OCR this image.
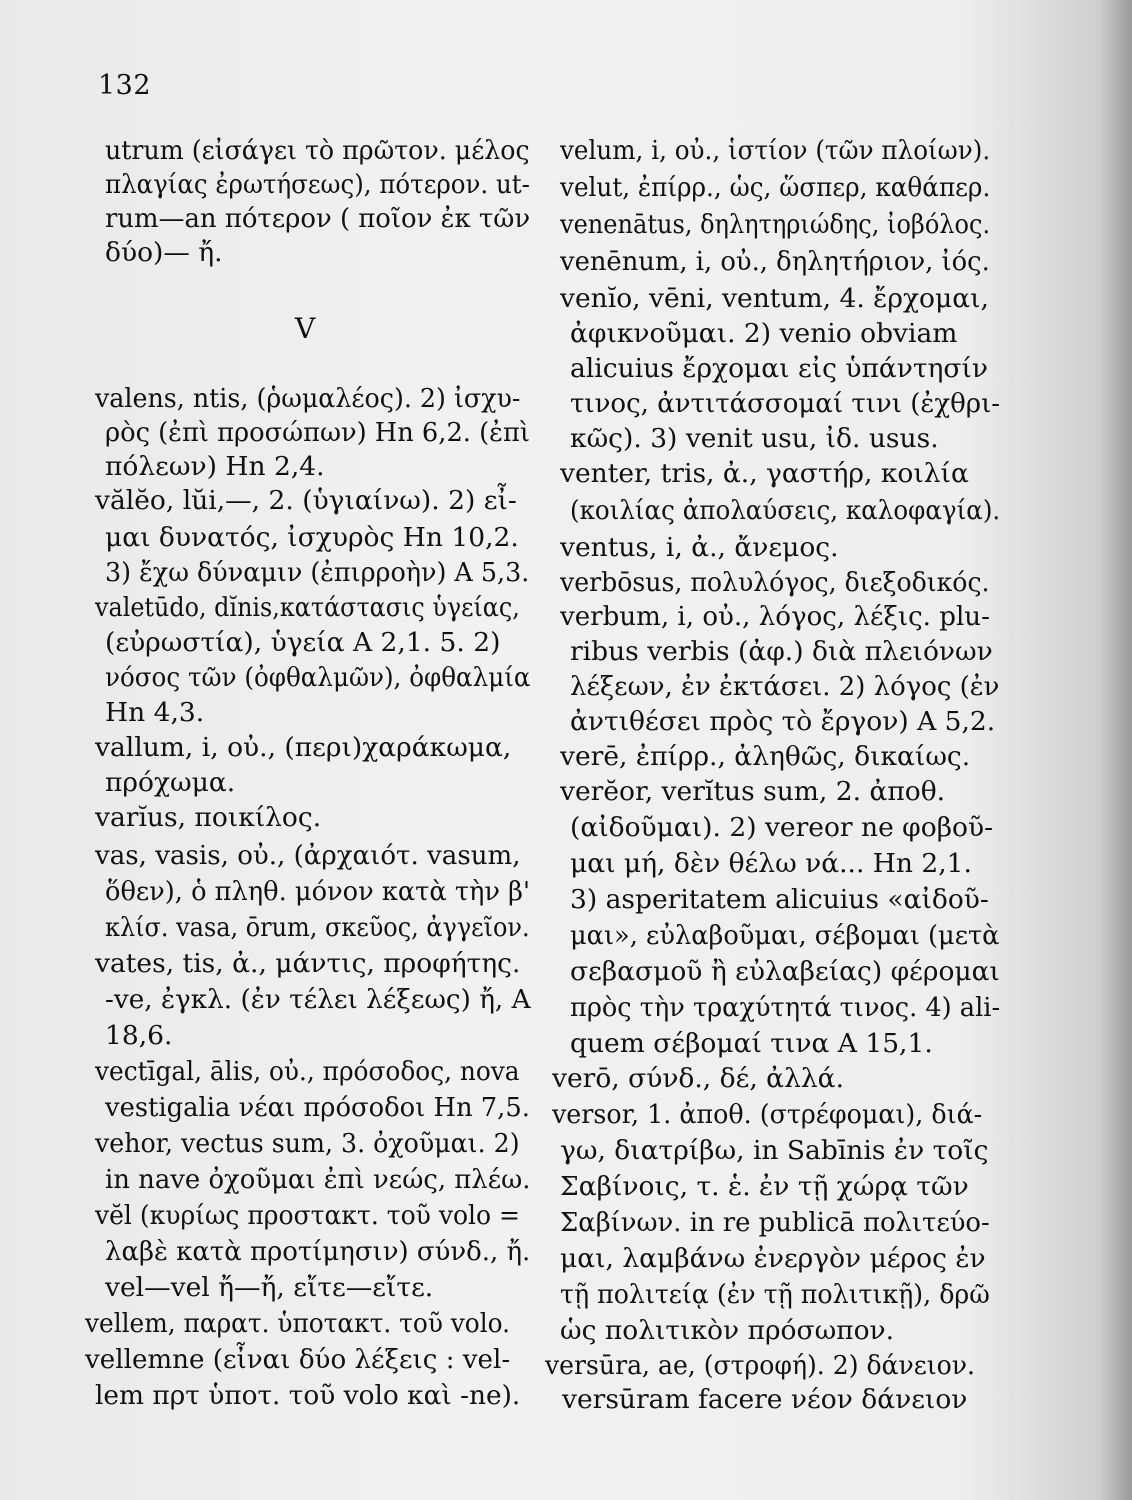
132
V
utrum (εἰσάγει τὸ πρῶτον. μέλος
πλαγίας ἐρωτήσεως), πότερον. ut-
rum—an πότερον ( ποῖον ἐκ τῶν
δύο)— ἤ.
valens, ntis, (ῥωμαλέος). 2) ἰσχυ-
ρὸς (ἐπὶ προσώπων) Hn 6,2. (ἐπὶ
πόλεων) Hn 2,4.
vălĕo, lŭi,—, 2. (ὑγιαίνω). 2) εἶ-
μαι δυνατός, ἰσχυρὸς Hn 10,2.
3) ἔχω δύναμιν (ἐπιρροὴν) A 5,3.
valetūdo, dĭnis,κατάστασις ὑγείας,
(εὐρωστία), ὑγεία A 2,1. 5. 2)
νόσος τῶν (ὀφθαλμῶν), ὀφθαλμία
Hn 4,3.
vallum, i, οὐ., (περι)χαράκωμα,
πρόχωμα.
varĭus, ποικίλος.
vas, vasis, οὐ., (ἀρχαιότ. vasum,
ὅθεν), ὁ πληθ. μόνον κατὰ τὴν β'
κλίσ. vasa, ōrum, σκεῦος, ἀγγεῖον.
vates, tis, ἀ., μάντις, προφήτης.
-ve, ἐγκλ. (ἐν τέλει λέξεως) ἤ, A
18,6.
vectīgal, ālis, οὐ., πρόσοδος, nova
vestigalia νέαι πρόσοδοι Hn 7,5.
vehor, vectus sum, 3. ὀχοῦμαι. 2)
in nave ὀχοῦμαι ἐπὶ νεώς, πλέω.
vĕl (κυρίως προστακτ. τοῦ volo =
λαβὲ κατὰ προτίμησιν) σύνδ., ἤ.
vel—vel ἤ—ἤ, εἴτε—εἴτε.
vellem, παρατ. ὑποτακτ. τοῦ volo.
vellemne (εἶναι δύο λέξεις : vel-
lem πρτ ὑποτ. τοῦ volo καὶ -ne).
velum, i, οὐ., ἱστίον (τῶν πλοίων).
velut, ἐπίρρ., ὡς, ὥσπερ, καθάπερ.
venenātus, δηλητηριώδης, ἰοβόλος.
venēnum, i, οὐ., δηλητήριον, ἰός.
venĭo, vēni, ventum, 4. ἔρχομαι,
ἀφικνοῦμαι. 2) venio obviam
alicuius ἔρχομαι εἰς ὑπάντησίν
τινος, ἀντιτάσσομαί τινι (ἐχθρι-
κῶς). 3) venit usu, ἰδ. usus.
venter, tris, ἀ., γαστήρ, κοιλία
(κοιλίας ἀπολαύσεις, καλοφαγία).
ventus, i, ἀ., ἄνεμος.
verbōsus, πολυλόγος, διεξοδικός.
verbum, i, οὐ., λόγος, λέξις. plu-
ribus verbis (ἀφ.) διὰ πλειόνων
λέξεων, ἐν ἐκτάσει. 2) λόγος (ἐν
ἀντιθέσει πρὸς τὸ ἔργον) A 5,2.
verē, ἐπίρρ., ἀληθῶς, δικαίως.
verĕor, verĭtus sum, 2. ἀποθ.
(αἰδοῦμαι). 2) vereor ne φοβοῦ-
μαι μή, δὲν θέλω νά... Hn 2,1.
3) asperitatem alicuius «αἰδοῦ-
μαι», εὐλαβοῦμαι, σέβομαι (μετὰ
σεβασμοῦ ἢ εὐλαβείας) φέρομαι
πρὸς τὴν τραχύτητά τινος. 4) ali-
quem σέβομαί τινα A 15,1.
verō, σύνδ., δέ, ἀλλά.
versor, 1. ἀποθ. (στρέφομαι), διά-
γω, διατρίβω, in Sabīnis ἐν τοῖς
Σαβίνοις, τ. ἑ. ἐν τῇ χώρᾳ τῶν
Σαβίνων. in re publicā πολιτεύο-
μαι, λαμβάνω ἐνεργὸν μέρος ἐν
τῇ πολιτείᾳ (ἐν τῇ πολιτικῇ), δρῶ
ὡς πολιτικὸν πρόσωπον.
versūra, ae, (στροφή). 2) δάνειον.
versūram facere νέον δάνειον
